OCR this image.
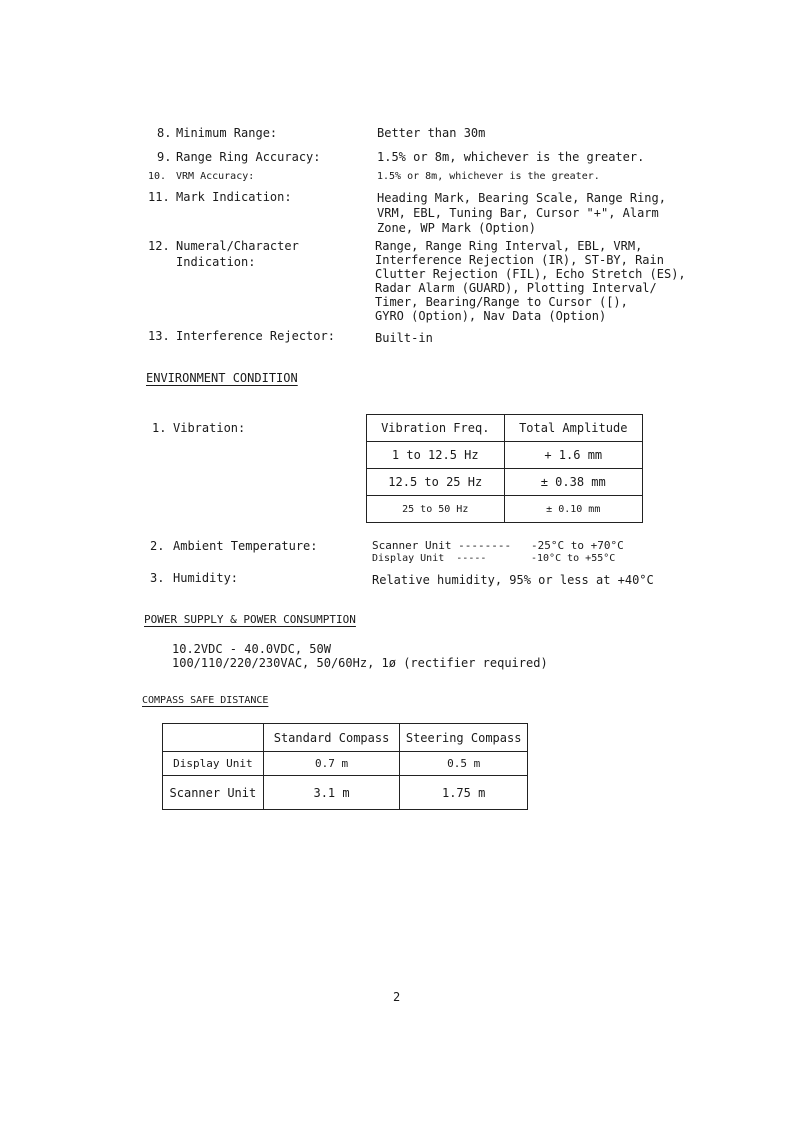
8. Minimum Range:	Better than 30m
9. Range Ring Accuracy:	1.5% or 8m, whichever is the greater.
10. VRM Accuracy:	1.5% or 8m, whichever is the greater.
11. Mark Indication:	Heading Mark, Bearing Scale, Range Ring,
VRM, EBL, Tuning Bar, Cursor "+", Alarm
Zone, WP Mark (Option)
12. Numeral/Character
Indication:
Range, Range Ring Interval, EBL, VRM,
Interference Rejection (IR), ST-BY, Rain
Clutter Rejection (FIL), Echo Stretch (ES),
Radar Alarm (GUARD), Plotting Interval/
Timer, Bearing/Range to Cursor ([),
GYRO (Option), Nav Data (Option)
13. Interference Rejector:	Built-in
ENVIRONMENT CONDITION
1. Vibration:	Vibration Freq.	Total Amplitude
1 to 12.5 Hz	+ 1.6 mm
12.5 to 25 Hz	± 0.38 mm
25 to 50 Hz	± 0.10 mm
2. Ambient Temperature:	Scanner Unit -------- -25°C to +70°C
Display Unit  -----	-10°C to +55°C
3. Humidity:	Relative humidity, 95% or less at +40°C
POWER SUPPLY & POWER CONSUMPTION
10.2VDC - 40.0VDC, 50W
100/110/220/230VAC, 50/60Hz, 1ø (rectifier required)
COMPASS SAFE DISTANCE
	Standard Compass	Steering Compass
Display Unit	0.7 m	0.5 m
Scanner Unit	3.1 m	1.75 m
2
